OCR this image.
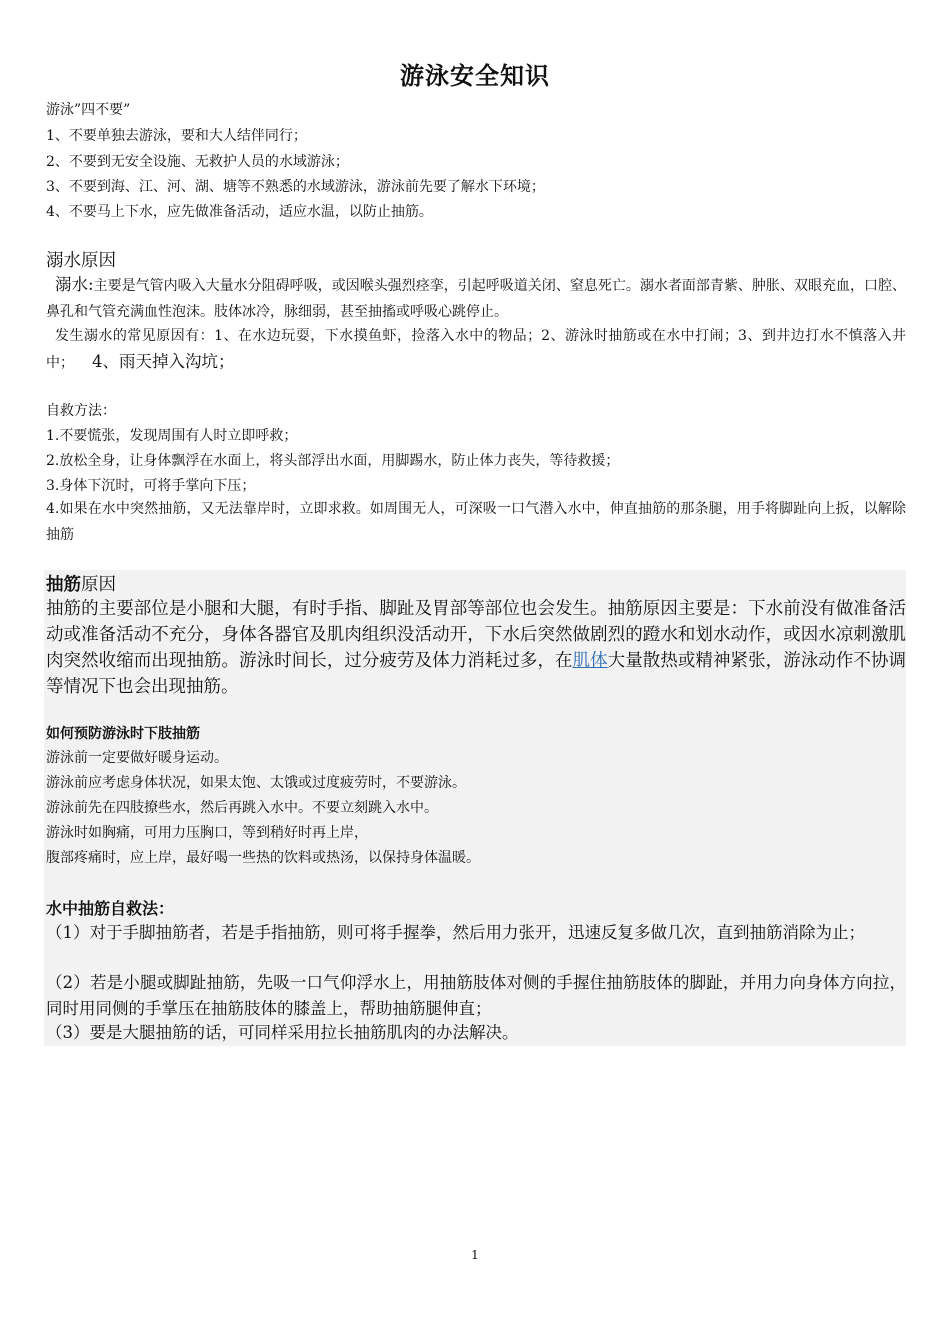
游泳安全知识
游泳”四不要”
1、不要单独去游泳，要和大人结伴同行；
2、不要到无安全设施、无救护人员的水域游泳；
3、不要到海、江、河、湖、塘等不熟悉的水域游泳，游泳前先要了解水下环境；
4、不要马上下水，应先做准备活动，适应水温，以防止抽筋。
溺水原因
溺水:主要是气管内吸入大量水分阻碍呼吸，或因喉头强烈痉挛，引起呼吸道关闭、窒息死亡。溺水者面部青紫、肿胀、双眼充血，口腔、鼻孔和气管充满血性泡沫。肢体冰冷，脉细弱，甚至抽搐或呼吸心跳停止。
发生溺水的常见原因有：1、在水边玩耍，下水摸鱼虾，捡落入水中的物品；2、游泳时抽筋或在水中打闹；3、到井边打水不慎落入井中； 4、雨天掉入沟坑；
自救方法：
1.不要慌张，发现周围有人时立即呼救；
2.放松全身，让身体飘浮在水面上，将头部浮出水面，用脚踢水，防止体力丧失，等待救援；
3.身体下沉时，可将手掌向下压；
4.如果在水中突然抽筋，又无法靠岸时，立即求救。如周围无人，可深吸一口气潜入水中，伸直抽筋的那条腿，用手将脚趾向上扳，以解除抽筋
抽筋原因
抽筋的主要部位是小腿和大腿，有时手指、脚趾及胃部等部位也会发生。抽筋原因主要是：下水前没有做准备活动或准备活动不充分，身体各器官及肌肉组织没活动开，下水后突然做剧烈的蹬水和划水动作，或因水凉刺激肌肉突然收缩而出现抽筋。游泳时间长，过分疲劳及体力消耗过多，在肌体大量散热或精神紧张，游泳动作不协调等情况下也会出现抽筋。
如何预防游泳时下肢抽筋
游泳前一定要做好暖身运动。
游泳前应考虑身体状况，如果太饱、太饿或过度疲劳时，不要游泳。
游泳前先在四肢撩些水，然后再跳入水中。不要立刻跳入水中。
游泳时如胸痛，可用力压胸口，等到稍好时再上岸，
腹部疼痛时，应上岸，最好喝一些热的饮料或热汤，以保持身体温暖。
水中抽筋自救法：
（1）对于手脚抽筋者，若是手指抽筋，则可将手握拳，然后用力张开，迅速反复多做几次，直到抽筋消除为止；
（2）若是小腿或脚趾抽筋，先吸一口气仰浮水上，用抽筋肢体对侧的手握住抽筋肢体的脚趾，并用力向身体方向拉，同时用同侧的手掌压在抽筋肢体的膝盖上，帮助抽筋腿伸直；
（3）要是大腿抽筋的话，可同样采用拉长抽筋肌肉的办法解决。
1
